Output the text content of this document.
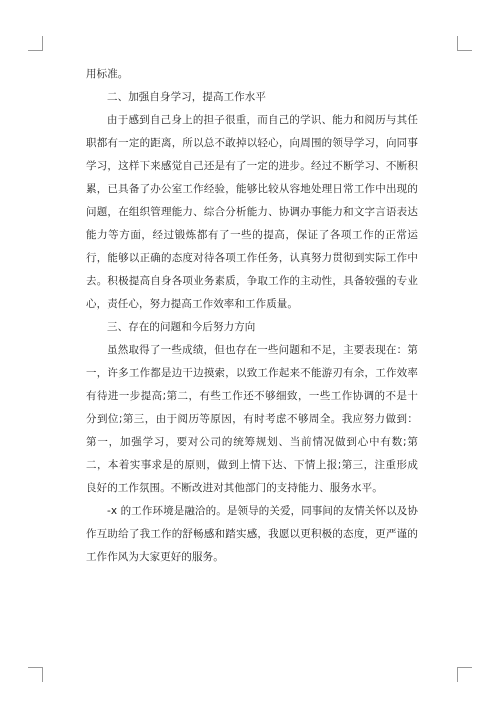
用标准。

二、加强自身学习，提高工作水平

由于感到自己身上的担子很重，而自己的学识、能力和阅历与其任职都有一定的距离，所以总不敢掉以轻心，向周围的领导学习，向同事学习，这样下来感觉自己还是有了一定的进步。经过不断学习、不断积累，已具备了办公室工作经验，能够比较从容地处理日常工作中出现的问题，在组织管理能力、综合分析能力、协调办事能力和文字言语表达能力等方面，经过锻炼都有了一些的提高，保证了各项工作的正常运行，能够以正确的态度对待各项工作任务，认真努力贯彻到实际工作中去。积极提高自身各项业务素质，争取工作的主动性，具备较强的专业心，责任心，努力提高工作效率和工作质量。

三、存在的问题和今后努力方向

虽然取得了一些成绩，但也存在一些问题和不足，主要表现在：第一，许多工作都是边干边摸索，以致工作起来不能游刃有余，工作效率有待进一步提高;第二，有些工作还不够细致，一些工作协调的不是十分到位;第三，由于阅历等原因，有时考虑不够周全。我应努力做到：第一，加强学习，要对公司的统筹规划、当前情况做到心中有数;第二，本着实事求是的原则，做到上情下达、下情上报;第三，注重形成良好的工作氛围。不断改进对其他部门的支持能力、服务水平。

-x 的工作环境是融洽的。是领导的关爱，同事间的友情关怀以及协作互助给了我工作的舒畅感和踏实感，我愿以更积极的态度，更严谨的工作作风为大家更好的服务。
